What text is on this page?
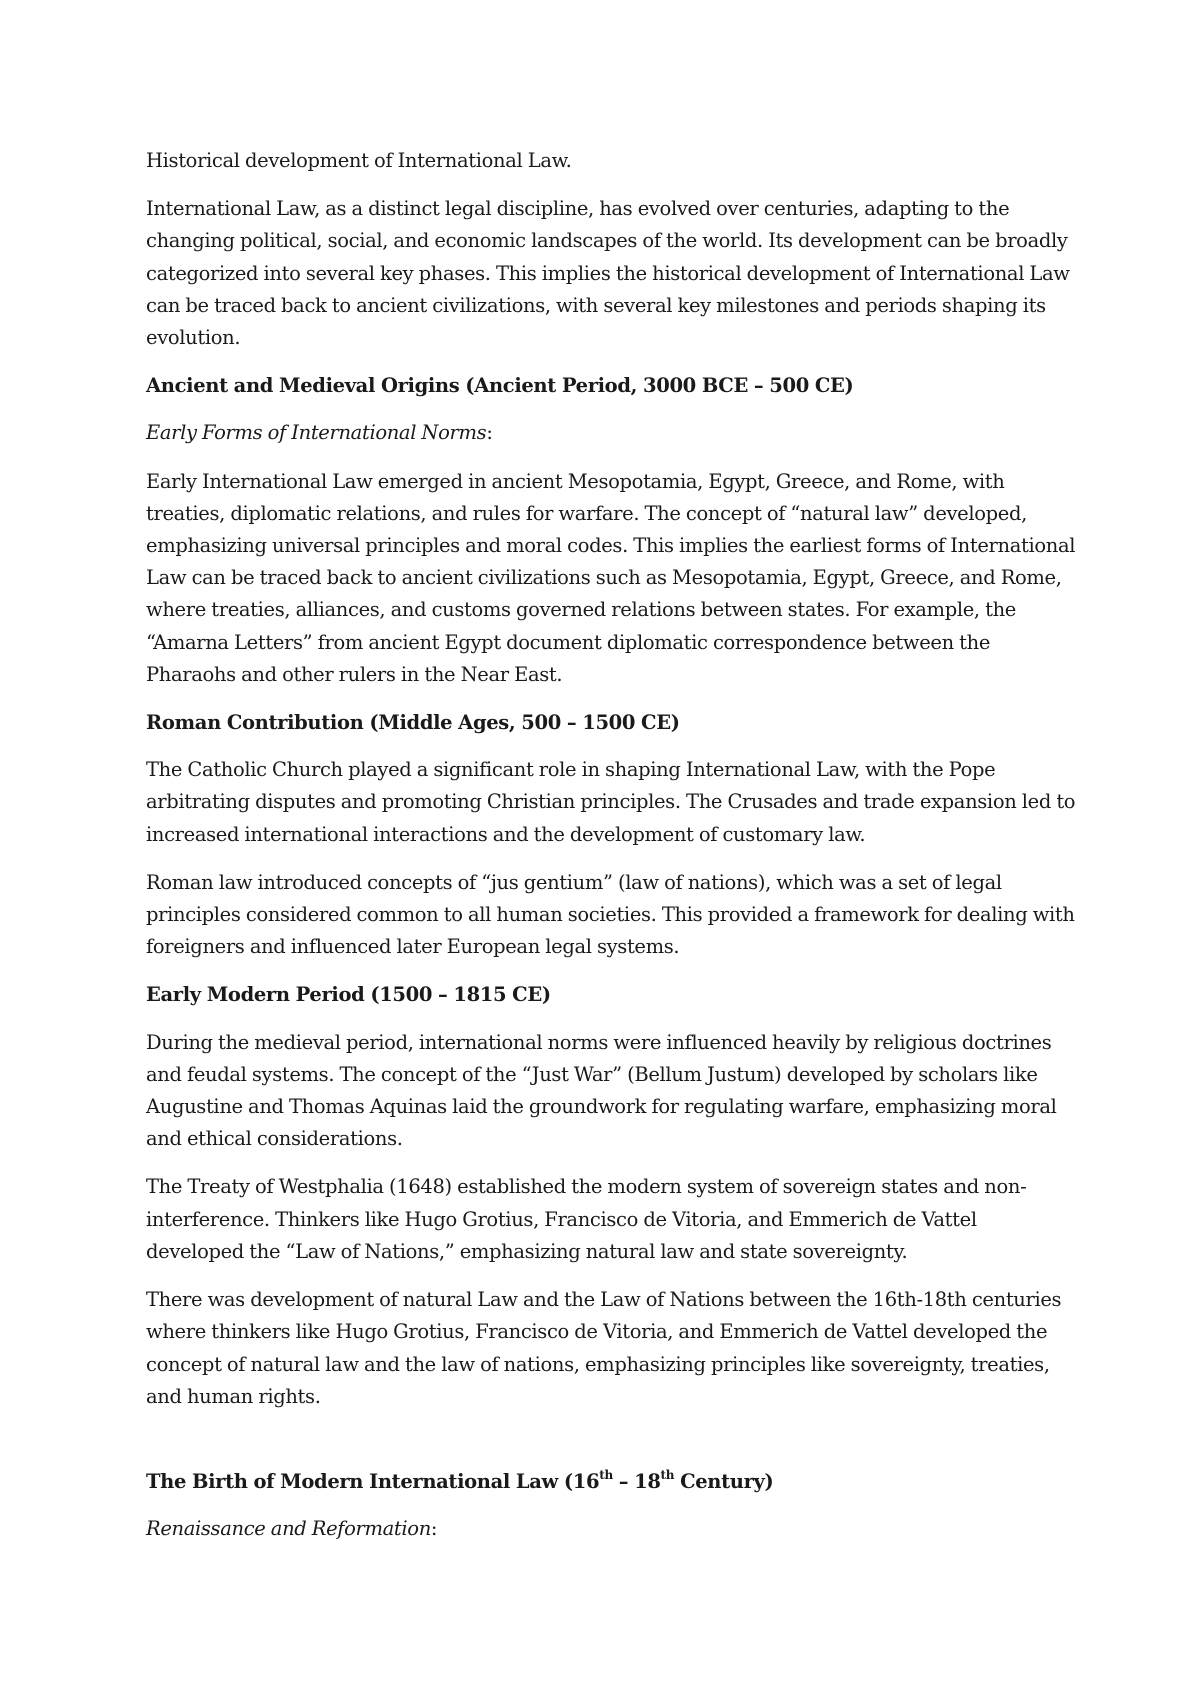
Historical development of International Law.

International Law, as a distinct legal discipline, has evolved over centuries, adapting to the changing political, social, and economic landscapes of the world. Its development can be broadly categorized into several key phases. This implies the historical development of International Law can be traced back to ancient civilizations, with several key milestones and periods shaping its evolution.

Ancient and Medieval Origins (Ancient Period, 3000 BCE – 500 CE)

Early Forms of International Norms:

Early International Law emerged in ancient Mesopotamia, Egypt, Greece, and Rome, with treaties, diplomatic relations, and rules for warfare. The concept of “natural law” developed, emphasizing universal principles and moral codes. This implies the earliest forms of International Law can be traced back to ancient civilizations such as Mesopotamia, Egypt, Greece, and Rome, where treaties, alliances, and customs governed relations between states. For example, the “Amarna Letters” from ancient Egypt document diplomatic correspondence between the Pharaohs and other rulers in the Near East.

Roman Contribution (Middle Ages, 500 – 1500 CE)

The Catholic Church played a significant role in shaping International Law, with the Pope arbitrating disputes and promoting Christian principles. The Crusades and trade expansion led to increased international interactions and the development of customary law.

Roman law introduced concepts of “jus gentium” (law of nations), which was a set of legal principles considered common to all human societies. This provided a framework for dealing with foreigners and influenced later European legal systems.

Early Modern Period (1500 – 1815 CE)

During the medieval period, international norms were influenced heavily by religious doctrines and feudal systems. The concept of the “Just War” (Bellum Justum) developed by scholars like Augustine and Thomas Aquinas laid the groundwork for regulating warfare, emphasizing moral and ethical considerations.

The Treaty of Westphalia (1648) established the modern system of sovereign states and non-interference. Thinkers like Hugo Grotius, Francisco de Vitoria, and Emmerich de Vattel developed the “Law of Nations,” emphasizing natural law and state sovereignty.

There was development of natural Law and the Law of Nations between the 16th-18th centuries where thinkers like Hugo Grotius, Francisco de Vitoria, and Emmerich de Vattel developed the concept of natural law and the law of nations, emphasizing principles like sovereignty, treaties, and human rights.

The Birth of Modern International Law (16th – 18th Century)

Renaissance and Reformation:
